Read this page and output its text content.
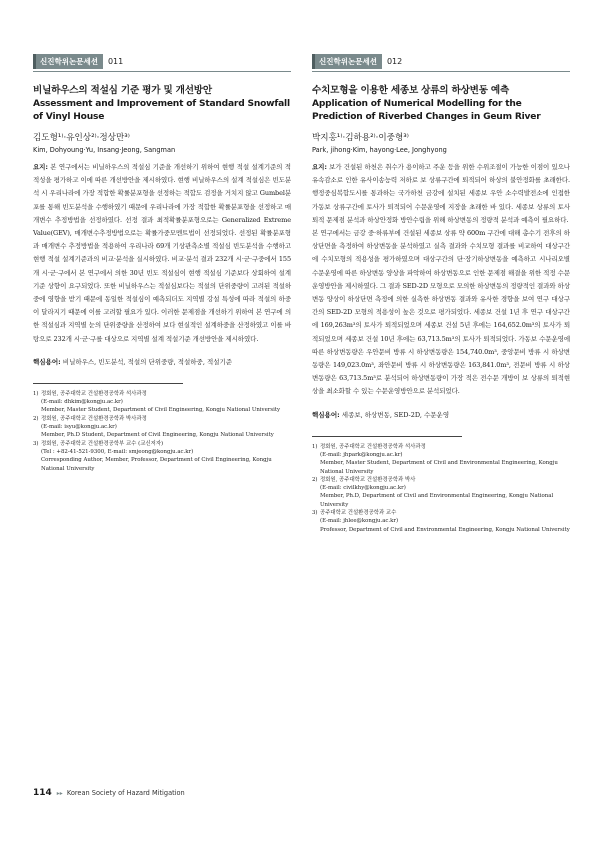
신진학위논문세션	011
비닐하우스의 적설심 기준 평가 및 개선방안
Assessment and Improvement of Standard Snowfall of Vinyl House
김도형¹⁾·유인상²⁾·정상만³⁾
Kim, Dohyoung·Yu, Insang·Jeong, Sangman

요지: 본 연구에서는 비닐하우스의 적설심 기준을 개선하기 위하여 현행 적설 설계기준의 적적성을 평가하고 이에 따른 개선방안을 제시하였다. 현행 비닐하우스의 설계 적설심은 빈도분석 시 우리나라에 가장 적합한 확률분포형을 선정하는 적합도 검정을 거치지 않고 Gumbel분포를 통해 빈도분석을 수행하였기 때문에 우리나라에 가장 적합한 확률분포형을 선정하고 매개변수 추정방법을 선정하였다. 선정 결과 최적확률분포형으로는 Generalized Extreme Value(GEV), 매개변수추정방법으로는 확률가중모멘트법이 선정되었다. 선정된 확률분포형과 매개변수 추정방법을 적용하여 우리나라 69개 기상관측소별 적설심 빈도분석을 수행하고 현행 적설 설계기준과의 비교·분석을 실시하였다. 비교·분석 결과 232개 시·군·구중에서 155개 시·군·구에서 본 연구에서 의한 30년 빈도 적설심이 현행 적설심 기준보다 상회하여 설계기준 상향이 요구되었다. 또한 비닐하우스는 적설심보다는 적설의 단위중량이 고려된 적설하중에 영향을 받기 때문에 동일한 적설심이 예측되더도 지역별 강설 특성에 따라 적설의 하중이 달라지기 때문에 이를 고려할 필요가 있다. 이러한 문제점을 개선하기 위하여 본 연구에 의한 적설심과 지역별 눈의 단위중량을 산정하여 보다 현실적인 설계하중을 산정하였고 이를 바탕으로 232개 시·군·구를 대상으로 지역별 설계 적설기준 개선방안을 제시하였다.

핵심용어: 비닐하우스, 빈도분석, 적설의 단위중량, 적설하중, 적설기준
1) 정회원, 공주대학교 건설환경공학과 석사과정
(E-mail: dhkim@kongju.ac.kr)
Member, Master Student, Department of Civil Engineering, Kongju National University
2) 정회원, 공주대학교 건설환경공학과 박사과정
(E-mail: isyu@kongju.ac.kr)
Member, Ph.D Student, Department of Civil Engineering, Kongju National University
3) 정회원, 공주대학교 건설환경공학부 교수 (교신저자)
(Tel : +82-41-521-9300, E-mail: smjeong@kongju.ac.kr)
Corresponding Author, Member, Professor, Department of Civil Engineering, Kongju National University
신진학위논문세션	012
수치모형을 이용한 세종보 상류의 하상변동 예측
Application of Numerical Modelling for the Prediction of Riverbed Changes in Geum River
박지홍¹⁾·김하용²⁾·이중형³⁾
Park, jihong·Kim, hayong·Lee, Jonghyong

요지: 보가 건설된 하천은 취수가 용이하고 주운 등을 위한 수위조절이 가능한 이점이 있으나 유속감소로 인한 유사이송능력 저하로 보 상류구간에 퇴적되어 하상의 불안정화를 초래한다. 행정중심복합도시를 통과하는 국가하천 금강에 설치된 세종보 우안 소수력발전소에 인접한 가동보 상류구간에 토사가 퇴적되어 수문운영에 지장을 초래한 바 있다. 세종보 상류의 토사퇴적 문제점 분석과 하상안정화 방안수립을 위해 하상변동의 정량적 분석과 예측이 필요하다.

본 연구에서는 금강 중·하류부에 건설된 세종보 상류 약 600m 구간에 대해 총수기 전후의 하상단면을 측정하여 하상변동을 분석하였고 실측 결과와 수치모형 결과를 비교하여 대상구간에 수치모형의 적용성을 평가하였으며 대상구간의 단·장기하상변동을 예측하고 시나리오별 수문운영에 따른 하상변동 양상을 파악하여 하상변동으로 인한 문제점 해결을 위한 적정 수문운영방안을 제시하였다. 그 결과 SED-2D 모형으로 모의한 하상변동의 정량적인 결과와 하상변동 양상이 하상단면 측정에 의한 실측한 하상변동 결과와 유사한 경향을 보여 연구 대상구간의 SED-2D 모형의 적용성이 높은 것으로 평가되었다. 세종보 건설 1년 후 연구 대상구간에 169,263m³의 토사가 퇴적되었으며 세종보 건설 5년 후에는 164,652.0m³의 토사가 퇴적되었으며 세종보 건설 10년 후에는 63,713.5m³의 토사가 퇴적되었다. 가동보 수문운영에 따른 하상변동량은 우안문비 방류 시 하상변동량은 154,740.0m³, 중앙문비 방류 시 하상변동량은 149,023.0m³, 좌안문비 방류 시 하상변동량은 163,841.0m³, 전문비 방류 시 하상변동량은 63,713.5m³로 분석되어 하상변동량이 가장 적은 전수문 개방이 보 상류의 퇴적현상을 최소화할 수 있는 수문운영방안으로 분석되었다.

핵심용어: 세종보, 하상변동, SED-2D, 수문운영
1) 정회원, 공주대학교 건설환경공학과 석사과정
(E-mail: jhpark@kongju.ac.kr)
Member, Master Student, Department of Civil and Environmental Engineering, Kongju National University
2) 정회원, 공주대학교 건설환경공학과 박사
(E-mail: civilkhy@kongju.ac.kr)
Member, Ph.D, Department of Civil and Environmental Engineering, Kongju National University
3) 공주대학교 건설환경공학과 교수
(E-mail: jhlee@kongju.ac.kr)
Professor, Department of Civil and Environmental Engineering, Kongju National University
114 ▸▸ Korean Society of Hazard Mitigation
